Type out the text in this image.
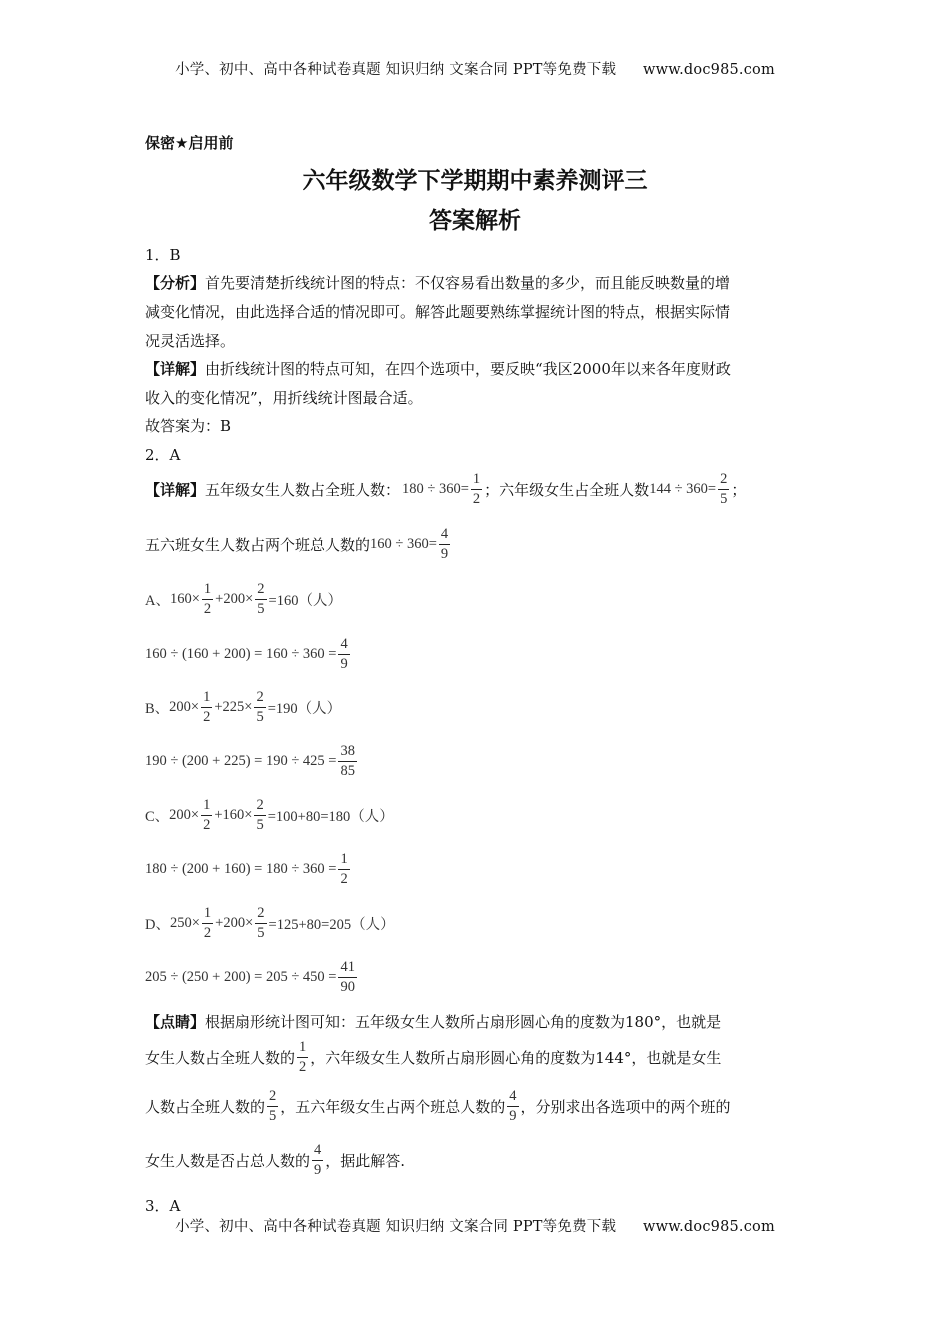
小学、初中、高中各种试卷真题 知识归纳 文案合同 PPT等免费下载 www.doc985.com
保密★启用前
六年级数学下学期期中素养测评三
答案解析
1．B
【分析】首先要清楚折线统计图的特点：不仅容易看出数量的多少，而且能反映数量的增
减变化情况，由此选择合适的情况即可。解答此题要熟练掌握统计图的特点，根据实际情
况灵活选择。
【详解】由折线统计图的特点可知，在四个选项中，要反映“我区2000年以来各年度财政
收入的变化情况”，用折线统计图最合适。
故答案为：B
2．A
【详解】 五年级女生人数占全班人数： $180 \div 360= \frac{1}{2}$ ；六年级女生占全班人数 $144 \div 360= \frac{2}{5}$ ；
五六班女生人数占两个班总人数的 $160 \div 360= \frac{4}{9}$
A、 $160\times \frac{1}{2} +200\times \frac{2}{5} =160$（人）
$160 \div (160 + 200) = 160 \div 360 = \frac{4}{9}$
B、 $200\times \frac{1}{2} +225\times \frac{2}{5} =190$（人）
$190 \div (200 + 225) = 190 \div 425 = \frac{38}{85}$
C、 $200\times \frac{1}{2} +160\times \frac{2}{5} =100+80=180$（人）
$180 \div (200 + 160) = 180 \div 360 = \frac{1}{2}$
D、 $250\times \frac{1}{2} +200\times \frac{2}{5} =125+80=205$（人）
$205 \div (250 + 200) = 205 \div 450 = \frac{41}{90}$
【点睛】根据扇形统计图可知：五年级女生人数所占扇形圆心角的度数为180°，也就是
女生人数占全班人数的 $\frac{1}{2}$ ，六年级女生人数所占扇形圆心角的度数为144°，也就是女生
人数占全班人数的 $\frac{2}{5}$ ，五六年级女生占两个班总人数的 $\frac{4}{9}$ ，分别求出各选项中的两个班的
女生人数是否占总人数的 $\frac{4}{9}$ ，据此解答.
3．A
小学、初中、高中各种试卷真题 知识归纳 文案合同 PPT等免费下载 www.doc985.com
